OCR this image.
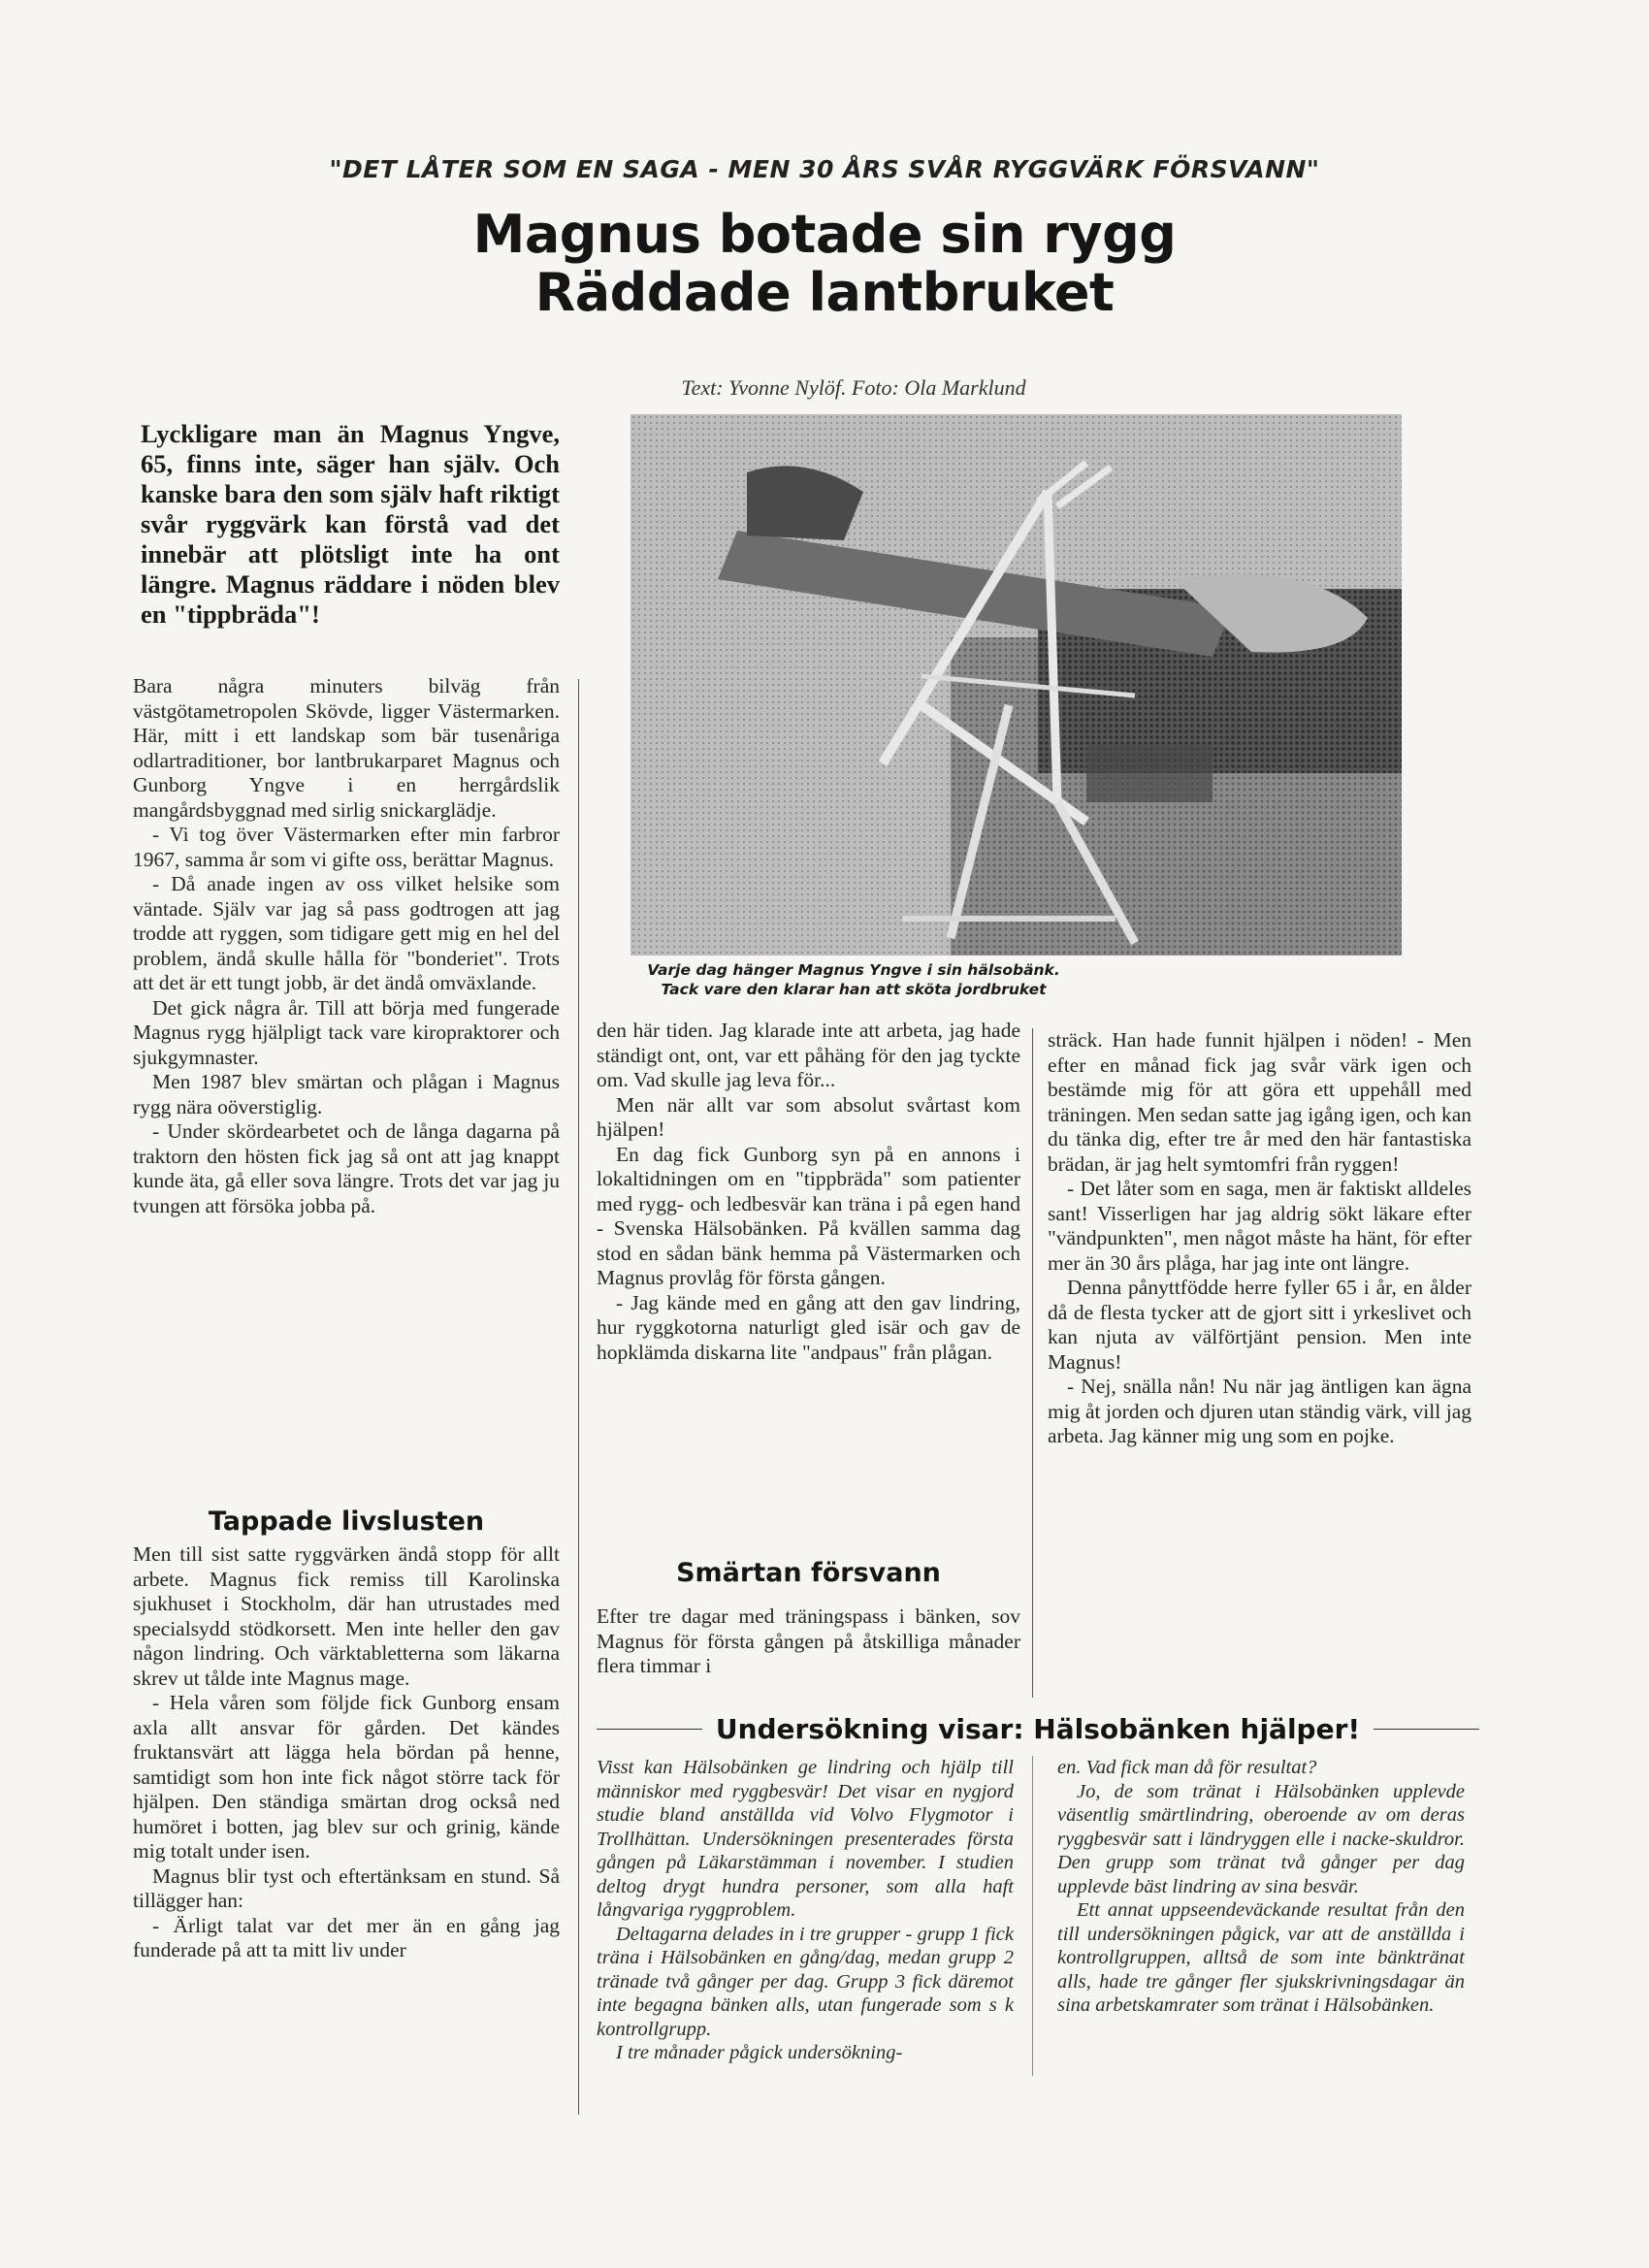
"DET LÅTER SOM EN SAGA - MEN 30 ÅRS SVÅR RYGGVÄRK FÖRSVANN"
Magnus botade sin rygg
Räddade lantbruket
Text: Yvonne Nylöf. Foto: Ola Marklund
Lyckligare man än Magnus Yngve, 65, finns inte, säger han själv. Och kanske bara den som själv haft riktigt svår ryggvärk kan förstå vad det innebär att plötsligt inte ha ont längre. Magnus räddare i nöden blev en "tippbräda"!

Bara några minuters bilväg från västgötametropolen Skövde, ligger Västermarken. Här, mitt i ett landskap som bär tusenåriga odlartraditioner, bor lantbrukarparet Magnus och Gunborg Yngve i en herrgårdslik mangårdsbyggnad med sirlig snickarglädje.

- Vi tog över Västermarken efter min farbror 1967, samma år som vi gifte oss, berättar Magnus.

- Då anade ingen av oss vilket helsike som väntade. Själv var jag så pass godtrogen att jag trodde att ryggen, som tidigare gett mig en hel del problem, ändå skulle hålla för "bonderiet". Trots att det är ett tungt jobb, är det ändå omväxlande.

Det gick några år. Till att börja med fungerade Magnus rygg hjälpligt tack vare kiropraktorer och sjukgymnaster.

Men 1987 blev smärtan och plågan i Magnus rygg nära oöverstiglig.

- Under skördearbetet och de långa dagarna på traktorn den hösten fick jag så ont att jag knappt kunde äta, gå eller sova längre. Trots det var jag ju tvungen att försöka jobba på.

Tappade livslusten

Men till sist satte ryggvärken ändå stopp för allt arbete. Magnus fick remiss till Karolinska sjukhuset i Stockholm, där han utrustades med specialsydd stödkorsett. Men inte heller den gav någon lindring. Och värktabletterna som läkarna skrev ut tålde inte Magnus mage.

- Hela våren som följde fick Gunborg ensam axla allt ansvar för gården. Det kändes fruktansvärt att lägga hela bördan på henne, samtidigt som hon inte fick något större tack för hjälpen. Den ständiga smärtan drog också ned humöret i botten, jag blev sur och grinig, kände mig totalt under isen.

Magnus blir tyst och eftertänksam en stund. Så tillägger han:

- Ärligt talat var det mer än en gång jag funderade på att ta mitt liv under

Varje dag hänger Magnus Yngve i sin hälsobänk.
Tack vare den klarar han att sköta jordbruket

den här tiden. Jag klarade inte att arbeta, jag hade ständigt ont, ont, var ett påhäng för den jag tyckte om. Vad skulle jag leva för...

Men när allt var som absolut svårtast kom hjälpen!

En dag fick Gunborg syn på en annons i lokaltidningen om en "tippbräda" som patienter med rygg- och ledbesvär kan träna i på egen hand - Svenska Hälsobänken. På kvällen samma dag stod en sådan bänk hemma på Västermarken och Magnus provlåg för första gången.

- Jag kände med en gång att den gav lindring, hur ryggkotorna naturligt gled isär och gav de hopklämda diskarna lite "andpaus" från plågan.

Smärtan försvann

Efter tre dagar med träningspass i bänken, sov Magnus för första gången på åtskilliga månader flera timmar i

sträck. Han hade funnit hjälpen i nöden! - Men efter en månad fick jag svår värk igen och bestämde mig för att göra ett uppehåll med träningen. Men sedan satte jag igång igen, och kan du tänka dig, efter tre år med den här fantastiska brädan, är jag helt symtomfri från ryggen!

- Det låter som en saga, men är faktiskt alldeles sant! Visserligen har jag aldrig sökt läkare efter "vändpunkten", men något måste ha hänt, för efter mer än 30 års plåga, har jag inte ont längre.

Denna pånyttfödde herre fyller 65 i år, en ålder då de flesta tycker att de gjort sitt i yrkeslivet och kan njuta av välförtjänt pension. Men inte Magnus!

- Nej, snälla nån! Nu när jag äntligen kan ägna mig åt jorden och djuren utan ständig värk, vill jag arbeta. Jag känner mig ung som en pojke.

Undersökning visar: Hälsobänken hjälper!

Visst kan Hälsobänken ge lindring och hjälp till människor med ryggbesvär! Det visar en nygjord studie bland anställda vid Volvo Flygmotor i Trollhättan. Undersökningen presenterades första gången på Läkarstämman i november. I studien deltog drygt hundra personer, som alla haft långvariga ryggproblem.

Deltagarna delades in i tre grupper - grupp 1 fick träna i Hälsobänken en gång/dag, medan grupp 2 tränade två gånger per dag. Grupp 3 fick däremot inte begagna bänken alls, utan fungerade som s k kontrollgrupp.

I tre månader pågick undersökning-

en. Vad fick man då för resultat?

Jo, de som tränat i Hälsobänken upplevde väsentlig smärtlindring, oberoende av om deras ryggbesvär satt i ländryggen elle i nacke-skuldror. Den grupp som tränat två gånger per dag upplevde bäst lindring av sina besvär.

Ett annat uppseendeväckande resultat från den till undersökningen pågick, var att de anställda i kontrollgruppen, alltså de som inte bänktränat alls, hade tre gånger fler sjukskrivningsdagar än sina arbetskamrater som tränat i Hälsobänken.
